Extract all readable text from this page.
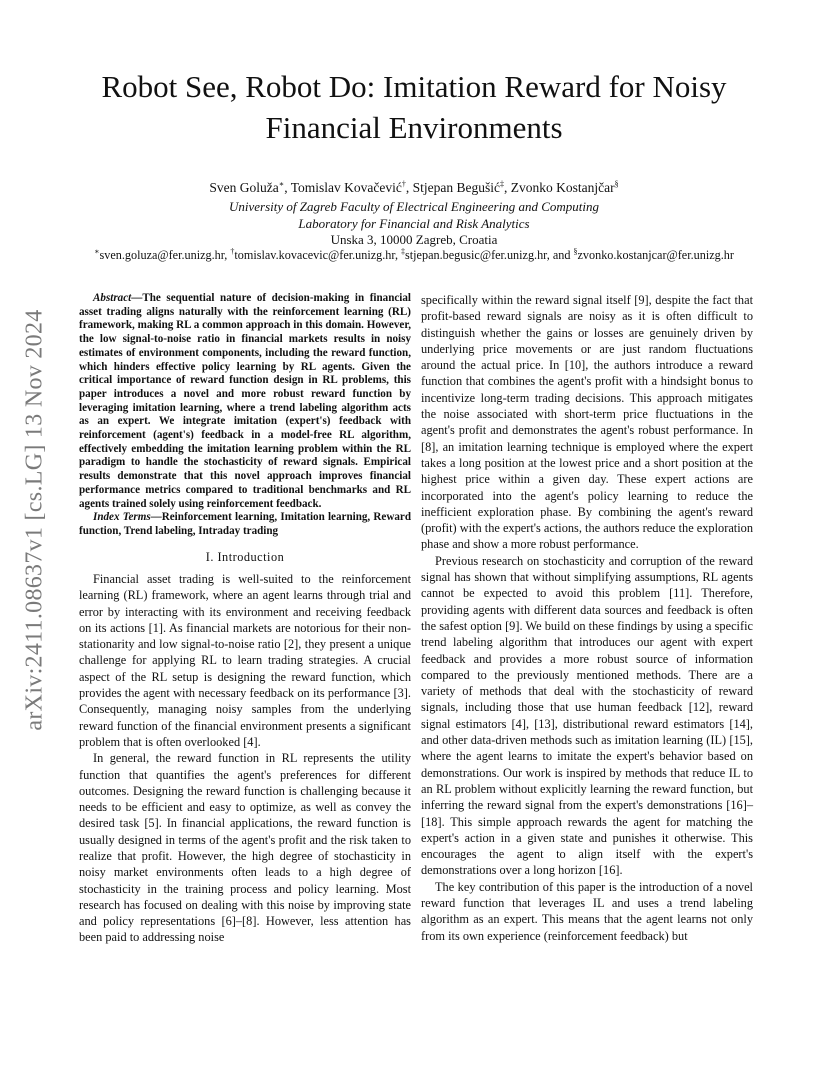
arXiv:2411.08637v1 [cs.LG] 13 Nov 2024
Robot See, Robot Do: Imitation Reward for Noisy Financial Environments
Sven Goluža∗, Tomislav Kovačević†, Stjepan Begušić‡, Zvonko Kostanjčar§
University of Zagreb Faculty of Electrical Engineering and Computing
Laboratory for Financial and Risk Analytics
Unska 3, 10000 Zagreb, Croatia
∗sven.goluza@fer.unizg.hr, †tomislav.kovacevic@fer.unizg.hr, ‡stjepan.begusic@fer.unizg.hr, and §zvonko.kostanjcar@fer.unizg.hr

Abstract—The sequential nature of decision-making in financial asset trading aligns naturally with the reinforcement learning (RL) framework, making RL a common approach in this domain. However, the low signal-to-noise ratio in financial markets results in noisy estimates of environment components, including the reward function, which hinders effective policy learning by RL agents. Given the critical importance of reward function design in RL problems, this paper introduces a novel and more robust reward function by leveraging imitation learning, where a trend labeling algorithm acts as an expert. We integrate imitation (expert's) feedback with reinforcement (agent's) feedback in a model-free RL algorithm, effectively embedding the imitation learning problem within the RL paradigm to handle the stochasticity of reward signals. Empirical results demonstrate that this novel approach improves financial performance metrics compared to traditional benchmarks and RL agents trained solely using reinforcement feedback.

Index Terms—Reinforcement learning, Imitation learning, Reward function, Trend labeling, Intraday trading

I. Introduction

Financial asset trading is well-suited to the reinforcement learning (RL) framework, where an agent learns through trial and error by interacting with its environment and receiving feedback on its actions [1]. As financial markets are notorious for their non-stationarity and low signal-to-noise ratio [2], they present a unique challenge for applying RL to learn trading strategies. A crucial aspect of the RL setup is designing the reward function, which provides the agent with necessary feedback on its performance [3]. Consequently, managing noisy samples from the underlying reward function of the financial environment presents a significant problem that is often overlooked [4].

In general, the reward function in RL represents the utility function that quantifies the agent's preferences for different outcomes. Designing the reward function is challenging because it needs to be efficient and easy to optimize, as well as convey the desired task [5]. In financial applications, the reward function is usually designed in terms of the agent's profit and the risk taken to realize that profit. However, the high degree of stochasticity in noisy market environments often leads to a high degree of stochasticity in the training process and policy learning. Most research has focused on dealing with this noise by improving state and policy representations [6]–[8]. However, less attention has been paid to addressing noise

specifically within the reward signal itself [9], despite the fact that profit-based reward signals are noisy as it is often difficult to distinguish whether the gains or losses are genuinely driven by underlying price movements or are just random fluctuations around the actual price. In [10], the authors introduce a reward function that combines the agent's profit with a hindsight bonus to incentivize long-term trading decisions. This approach mitigates the noise associated with short-term price fluctuations in the agent's profit and demonstrates the agent's robust performance. In [8], an imitation learning technique is employed where the expert takes a long position at the lowest price and a short position at the highest price within a given day. These expert actions are incorporated into the agent's policy learning to reduce the inefficient exploration phase. By combining the agent's reward (profit) with the expert's actions, the authors reduce the exploration phase and show a more robust performance.

Previous research on stochasticity and corruption of the reward signal has shown that without simplifying assumptions, RL agents cannot be expected to avoid this problem [11]. Therefore, providing agents with different data sources and feedback is often the safest option [9]. We build on these findings by using a specific trend labeling algorithm that introduces our agent with expert feedback and provides a more robust source of information compared to the previously mentioned methods. There are a variety of methods that deal with the stochasticity of reward signals, including those that use human feedback [12], reward signal estimators [4], [13], distributional reward estimators [14], and other data-driven methods such as imitation learning (IL) [15], where the agent learns to imitate the expert's behavior based on demonstrations. Our work is inspired by methods that reduce IL to an RL problem without explicitly learning the reward function, but inferring the reward signal from the expert's demonstrations [16]–[18]. This simple approach rewards the agent for matching the expert's action in a given state and punishes it otherwise. This encourages the agent to align itself with the expert's demonstrations over a long horizon [16].

The key contribution of this paper is the introduction of a novel reward function that leverages IL and uses a trend labeling algorithm as an expert. This means that the agent learns not only from its own experience (reinforcement feedback) but
